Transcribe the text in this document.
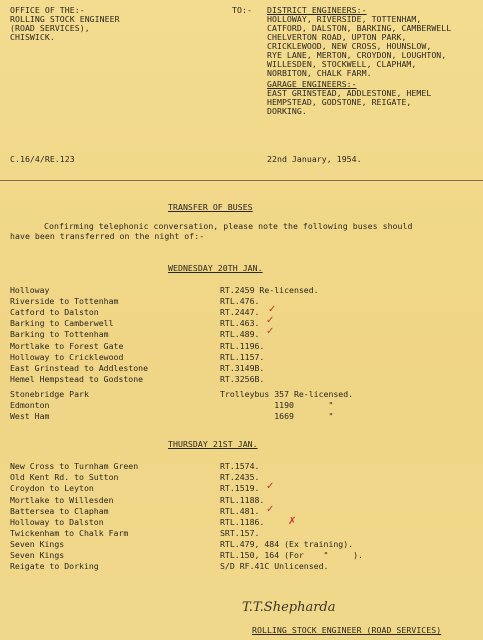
OFFICE OF THE:-
ROLLING STOCK ENGINEER
(ROAD SERVICES),
CHISWICK.
TO:- DISTRICT ENGINEERS:-
HOLLOWAY, RIVERSIDE, TOTTENHAM,
CATFORD, DALSTON, BARKING, CAMBERWELL
CHELVERTON ROAD, UPTON PARK,
CRICKLEWOOD, NEW CROSS, HOUNSLOW,
RYE LANE, MERTON, CROYDON, LOUGHTON,
WILLESDEN, STOCKWELL, CLAPHAM,
NORBITON, CHALK FARM.
GARAGE ENGINEERS:-
EAST GRINSTEAD, ADDLESTONE, HEMEL
HEMPSTEAD, GODSTONE, REIGATE,
DORKING.
C.16/4/RE.123	22nd January, 1954.
TRANSFER OF BUSES
Confirming telephonic conversation, please note the following buses should
have been transferred on the night of:-
WEDNESDAY 20TH JAN.
Holloway	RT.2459 Re-licensed.
Riverside to Tottenham	RTL.476.
Catford to Dalston	RT.2447.
Barking to Camberwell	RTL.463.
Barking to Tottenham	RTL.489.
Mortlake to Forest Gate	RTL.1196.
Holloway to Cricklewood	RTL.1157.
East Grinstead to Addlestone	RT.3149B.
Hemel Hempstead to Godstone	RT.3256B.
Stonebridge Park	Trolleybus 357 Re-licensed.
Edmonton	1190       "
West Ham	1669       "
THURSDAY 21ST JAN.
New Cross to Turnham Green	RT.1574.
Old Kent Rd. to Sutton	RT.2435.
Croydon to Leyton	RT.1519.
Mortlake to Willesden	RTL.1188.
Battersea to Clapham	RTL.481.
Holloway to Dalston	RTL.1186.
Twickenham to Chalk Farm	SRT.157.
Seven Kings	RTL.479, 484 (Ex training).
Seven Kings	RTL.150, 164 (For    "     ).
Reigate to Dorking	S/D RF.41C Unlicensed.
✓
✓
✓
✓
✓
✗
T.T.Shepharda
ROLLING STOCK ENGINEER (ROAD SERVICES)
